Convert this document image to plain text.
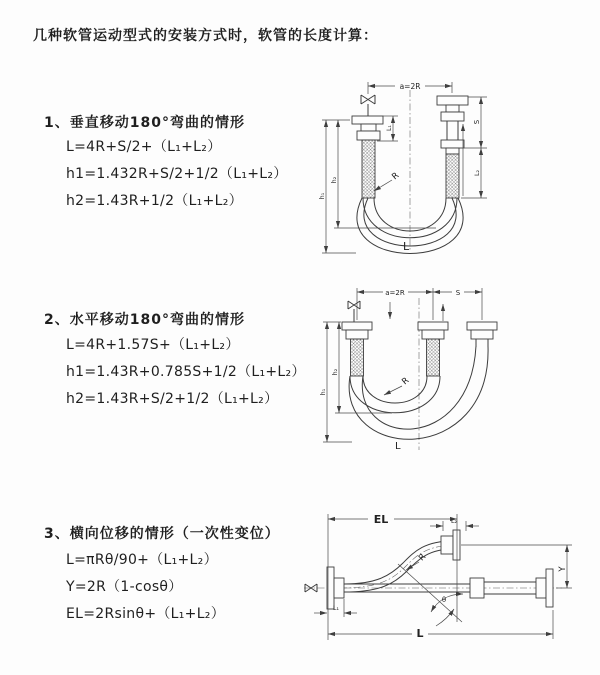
几种软管运动型式的安装方式时，软管的长度计算：
1、垂直移动180°弯曲的情形
L=4R+S/2+（L₁+L₂）
h1=1.432R+S/2+1/2（L₁+L₂）
h2=1.43R+1/2（L₁+L₂）
2、水平移动180°弯曲的情形
L=4R+1.57S+（L₁+L₂）
h1=1.43R+0.785S+1/2（L₁+L₂）
h2=1.43R+S/2+1/2（L₁+L₂）
3、横向位移的情形（一次性变位）
L=πRθ/90+（L₁+L₂）
Y=2R（1-cosθ）
EL=2Rsinθ+（L₁+L₂）
a=2R
h₁
h₂
L₁
S
L₂
R
L
a=2R	S
h₁
h₂
R
L
EL	L₂
Y
L₁
L
R
θ
